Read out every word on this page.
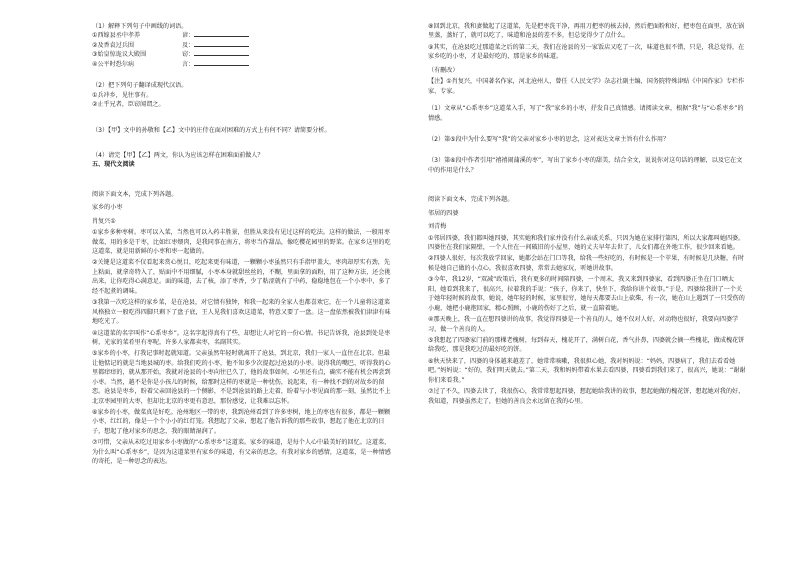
（1）解释下列句子中画线的词语。

①西嫁县丞中孝养	谚：
②及香袁过兵围	及：
③始皇惊诡议大殿围	窃：
④公平时恐尔病	言：

（2）把下列句子翻译成现代汉语。

①兵冲乡，见往事有。

②止乎兄者，臣窃闻谓之。

（3）【甲】文中的孙敬和【乙】文中的庄侍在面对困难的方式上有何不同？请简要分析。

（4）请完【甲】【乙】两文，你认为应该怎样在困难面前做人？

五、现代文阅读

阅读下面文本，完成下列各题。

家乡的小枣

肖复兴①

①家乡多种枣树。枣可以入菜，当然也可以入药丰胜景，但胜从来没有见过这样的吃法。这样的做法，一般用枣做菜，用的多是干枣，比如红枣煨肉，是我同事在南方，将枣当作甜品，像吃樱花园里的野菜。在家乡这里的吃这道菜，就是用新鲜的小枣和枣一起做的。

②关键是这道菜不仅看起来赏心悦目，吃起来更有味道，一颗颗小枣虽然只有手指甲盖大，枣肉却厚实有劲，先上粘面，就拿奇特入了，贴面中不用细腻，小枣本身就甜丝丝的，不糊，里面拿的面粉，用了这种方法，还会挑出来，让你吃得心满意足。面的味道，去了核，添了枣香，少了粘涩就有了中药，稳稳地包在一个小枣中，多了经不起煮的调味。

③我第一次吃这样的家乡菜，是在沧县，对它情有独钟，和我一起来的全家人也都喜欢它，在一个儿童将这道菜风格独立一般吃得四脚只剩下了盘子底，王人见我们喜欢这道菜，特意又要了一盘。这一盘依然被我们津津有味地吃光了。

④这道菜的名字叫作“心系枣乡”。这名字起得真有了些，却想让人对它的一份心情。书记告诉我，沧县到处是枣树，光家的菜肴里有枣呢，许多人家都卖枣，名副其实。

⑤家乡的小枣，打我记事时起就知道。父亲虽然年轻时就离开了沧县，到北京，我们一家人一直住在北京。但最让他惦记的就是当地县城的枣。给我们吃的小枣，他不知多少次提起过沧县的小枣。说得我的嘴巴、听得我的心里都痒痒的，就从那开始，我就对沧县的小枣向往已久了，他的故事如何，心里还有点，确实不能有机会再尝到小枣。当然，越不是你是小孩儿的时候，给那时这样的枣就是一种忧伤，说起来，有一种找不到的对故乡的留恋。沧县是枣乡，盼着父亲回沧县的一个侧影，不是到沧县的路上走着，盼着与小枣见面的那一刻，虽然比不上北京枣园里的大枣，但却比北京的枣更有意思，那份感觉，让我难以忘怀。

⑥家乡的小枣，做菜真是好吃。沧州地区一带的枣，我到沧州看到了许多枣树，地上的枣也有很多，都是一颗颗小枣，红红的，像是一个个小小的红灯笼。我想起了父亲，想起了他告诉我的那些故事，想起了他在北京的日子，想起了他对家乡的思念，我的眼睛湿润了。

⑦可惜，父亲从未吃过用家乡小枣做的“心系枣乡”这道菜。家乡的味道，是每个人心中最美好的回忆。这道菜，为什么叫“心系枣乡”，是因为这道菜里有家乡的味道，有父亲的思念，有我对家乡的感情，这道菜，是一种情感的寄托，是一种思念的表达。

⑧回到北京，我和妻做起了这道菜，先是把枣洗干净，再用刀把枣的核去掉，然后把面粉和好，把枣包在面里，放在锅里蒸，蒸好了，就可以吃了，味道和沧县的差不多，但总觉得少了点什么。

⑨其实，在沧县吃过那道菜之后的第二天，我们在沧县的另一家饭店又吃了一次，味道也很不错，只是，我总觉得，在家乡吃的小枣，才是最好吃的，那是家乡的味道。

（有删改）

【注】①肖复兴，中国著名作家，河北沧州人，曾任《人民文学》杂志社副主编，国务院特殊津贴《中国作家》专栏作家、专家。

（1）文章从“心系枣乡”这道菜入手，写了“我”家乡的小枣，抒发自己真情感。请阅读文章，根据“我”与“心系枣乡”的情感。

（2）第⑤段中为什么要写“我”的父亲对家乡小枣的思念，这对表达文章主旨有什么作用？

（3）第⑥段中作者引用“禧禧闹蒲溪的枣”，写出了家乡小枣的甜美，结合全文，说说你对这句话的理解，以及它在文中的作用是什么？

阅读下面文本，完成下列各题。

邻居的四婆

刘青梅

①邻居四婆，我们都叫她四婆，其实她和我们家并没有什么亲戚关系，只因为她在家排行第四，所以大家都叫她四婆。四婆住在我们家隔壁，一个人住在一间破旧的小屋里，她的丈夫早年去世了，儿女们都在外地工作，很少回来看她。

②四婆人很好，每次我放学回家，她都会站在门口等我，给我一些好吃的，有时候是一个苹果，有时候是几块糖，有时候是她自己做的小点心。我很喜欢四婆，常常去她家玩，听她讲故事。

③今年，我12岁，“双减”政策后，我有更多的时间陪四婆，一个周末，我又来到四婆家，看到四婆正坐在门口晒太阳，她看到我来了，很高兴，拉着我的手说：“孩子，你来了，快坐下，我给你讲个故事。”于是，四婆给我讲了一个关于她年轻时候的故事，她说，她年轻的时候，家里很穷，她每天都要去山上砍柴，有一次，她在山上遇到了一只受伤的小鹿，她把小鹿抱回家，精心照顾，小鹿的伤好了之后，就一直陪着她。

④那天晚上，我一直在想四婆讲的故事，我觉得四婆是一个善良的人，她不仅对人好，对动物也很好，我要向四婆学习，做一个善良的人。

⑤我想起了四婆家门前的那棵老槐树，每到春天，槐花开了，满树白花，香气扑鼻，四婆就会摘一些槐花，做成槐花饼给我吃，那是我吃过的最好吃的饼。

⑥秋天快来了，四婆的身体越来越差了，她常常咳嗽，我很担心她，我对妈妈说：“妈妈，四婆病了，我们去看看她吧。”妈妈说：“好的，我们明天就去。”第二天，我和妈妈带着水果去看四婆，四婆看到我们来了，很高兴，她说：“谢谢你们来看我。”

⑦过了不久，四婆去世了，我很伤心，我常常想起四婆，想起她给我讲的故事，想起她做的槐花饼，想起她对我的好，我知道，四婆虽然走了，但她的善良会永远留在我的心里。
